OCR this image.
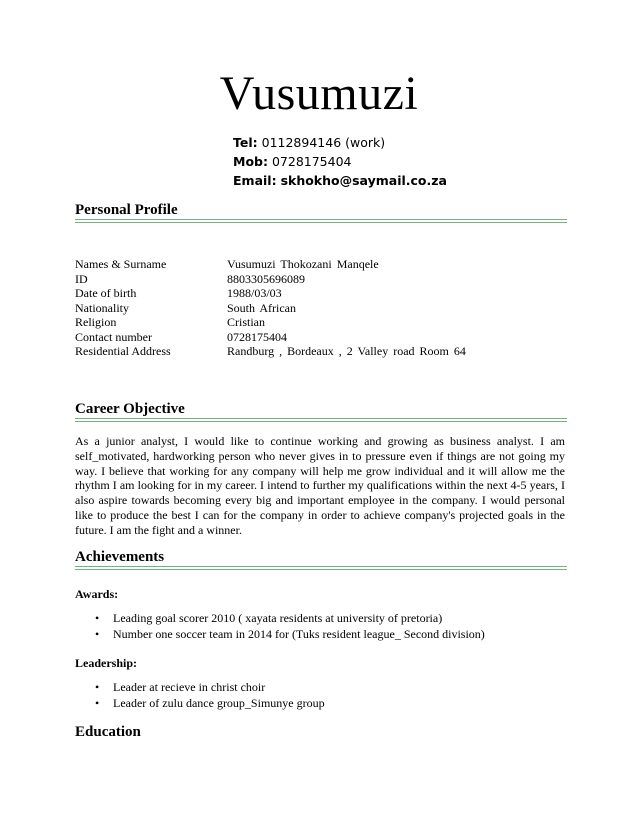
Vusumuzi
Tel: 0112894146 (work)
Mob: 0728175404
Email: skhokho@saymail.co.za
Personal Profile
Names & Surname	Vusumuzi Thokozani Manqele
ID	8803305696089
Date of birth	1988/03/03
Nationality	South African
Religion	Cristian
Contact number	0728175404
Residential Address	Randburg , Bordeaux , 2 Valley road Room 64
Career Objective
As a junior analyst, I would like to continue working and growing as business analyst. I am self_motivated, hardworking person who never gives in to pressure even if things are not going my way. I believe that working for any company will help me grow individual and it will allow me the rhythm I am looking for in my career. I intend to further my qualifications within the next 4-5 years, I also aspire towards becoming every big and important employee in the company. I would personal like to produce the best I can for the company in order to achieve company's projected goals in the future. I am the fight and a winner.
Achievements
Awards:
• Leading goal scorer 2010 ( xayata residents at university of pretoria)
• Number one soccer team in 2014 for (Tuks resident league_ Second division)
Leadership:
• Leader at recieve in christ choir
• Leader of zulu dance group_Simunye group
Education
